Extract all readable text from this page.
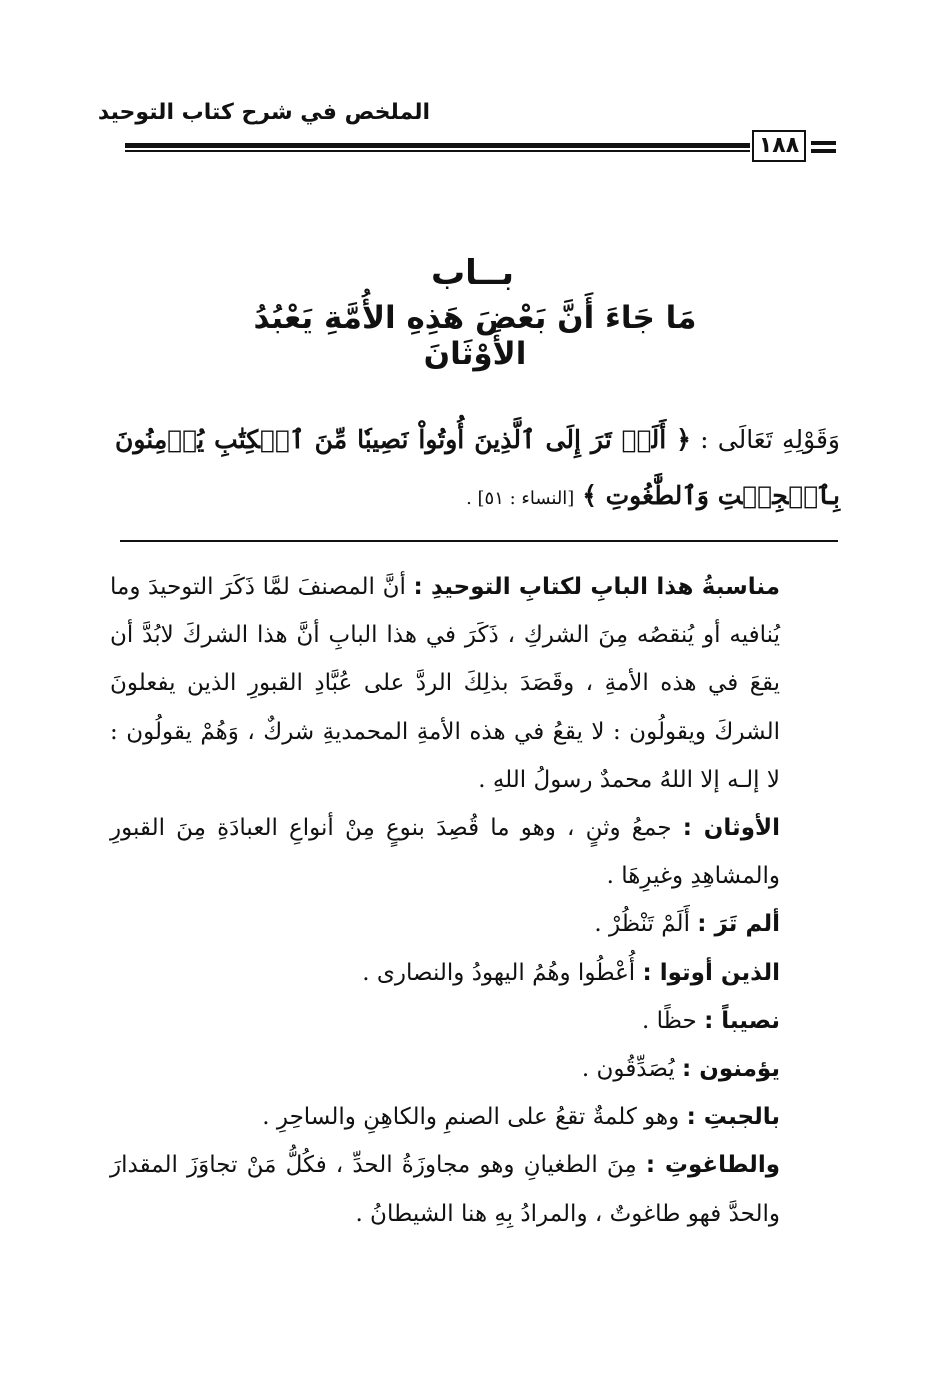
الملخص في شرح كتاب التوحيد
١٨٨
بــاب
مَا جَاءَ أَنَّ بَعْضَ هَذِهِ الأُمَّةِ يَعْبُدُ الأَوْثَانَ
وَقَوْلِهِ تَعَالَى : ﴿ أَلَمۡ تَرَ إِلَى ٱلَّذِينَ أُوتُواْ نَصِيبٗا مِّنَ ٱلۡكِتَٰبِ يُؤۡمِنُونَ بِٱلۡجِبۡتِ وَٱلطَّٰغُوتِ ﴾ [النساء : ٥١] .

مناسبةُ هذا البابِ لكتابِ التوحيدِ : أنَّ المصنفَ لمَّا ذَكَرَ التوحيدَ وما يُنافيه أو يُنقصُه مِنَ الشركِ ، ذَكَرَ في هذا البابِ أنَّ هذا الشركَ لابُدَّ أن يقعَ في هذه الأمةِ ، وقَصَدَ بذلِكَ الردَّ على عُبَّادِ القبورِ الذين يفعلونَ الشركَ ويقولُون : لا يقعُ في هذه الأمةِ المحمديةِ شركٌ ، وَهُمْ يقولُون : لا إلـه إلا اللهُ محمدٌ رسولُ اللهِ .

الأوثان : جمعُ وثنٍ ، وهو ما قُصِدَ بنوعٍ مِنْ أنواعِ العبادَةِ مِنَ القبورِ والمشاهِدِ وغيرِهَا .

ألم تَرَ : أَلَمْ تَنْظُرْ .

الذين أوتوا : أُعْطُوا وهُمُ اليهودُ والنصارى .

نصيباً : حظًا .

يؤمنون : يُصَدِّقُون .

بالجبتِ : وهو كلمةٌ تقعُ على الصنمِ والكاهِنِ والساحِرِ .

والطاغوتِ : مِنَ الطغيانِ وهو مجاوزَةُ الحدِّ ، فكُلُّ مَنْ تجاوَزَ المقدارَ والحدَّ فهو طاغوتٌ ، والمرادُ بِهِ هنا الشيطانُ .
